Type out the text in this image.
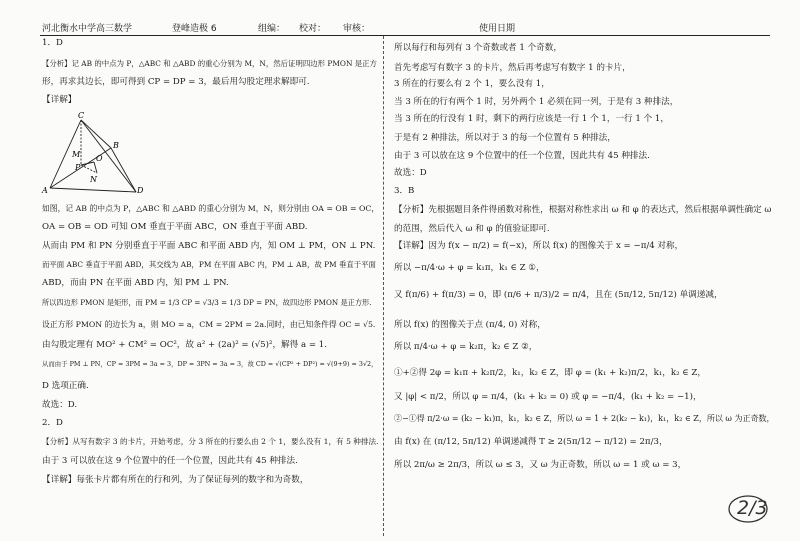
河北衡水中学高三数学	登峰造极 6	组编： 校对： 审核：	使用日期

1．D

【分析】记 AB 的中点为 P，△ABC 和 △ABD 的重心分别为 M，N，然后证明四边形 PMON 是正方

形，再求其边长，即可得到 CP = DP = 3，最后用勾股定理求解即可.

【详解】

如图，记 AB 的中点为 P，△ABC 和 △ABD 的重心分别为 M，N，则分别由 OA = OB = OC，

OA = OB = OD 可知 OM 垂直于平面 ABC，ON 垂直于平面 ABD.

从而由 PM 和 PN 分别垂直于平面 ABC 和平面 ABD 内，知 OM ⊥ PM，ON ⊥ PN.

而平面 ABC 垂直于平面 ABD，其交线为 AB，PM 在平面 ABC 内，PM ⊥ AB，故 PM 垂直于平面

ABD，而由 PN 在平面 ABD 内，知 PM ⊥ PN.

所以四边形 PMON 是矩形，而 PM = 1/3 CP = √3/3 = 1/3 DP = PN，故四边形 PMON 是正方形.

设正方形 PMON 的边长为 a，则 MO = a，CM = 2PM = 2a.同时，由已知条件得 OC = √5.

由勾股定理有 MO² + CM² = OC²，故 a² + (2a)² = (√5)²，解得 a = 1.

从而由于 PM ⊥ PN，CP = 3PM = 3a = 3，DP = 3PN = 3a = 3，故 CD = √(CP² + DP²) = √(9+9) = 3√2，

D 选项正确.

故选：D.

2．D

【分析】从写有数字 3 的卡片，开始考虑，分 3 所在的行要么由 2 个 1，要么没有 1，有 5 种排法.

由于 3 可以放在这 9 个位置中的任一个位置，因此共有 45 种排法.

【详解】每张卡片都有所在的行和列，为了保证每列的数字和为奇数，

C
B
M O
D
P
N
A

所以每行和每列有 3 个奇数或者 1 个奇数，

首先考虑写有数字 3 的卡片，然后再考虑写有数字 1 的卡片，

3 所在的行要么有 2 个 1，要么没有 1，

当 3 所在的行有两个 1 时，另外两个 1 必须在同一列，于是有 3 种排法，

当 3 所在的行没有 1 时，剩下的两行应该是一行 1 个 1，一行 1 个 1，

于是有 2 种排法，所以对于 3 的每一个位置有 5 种排法，

由于 3 可以放在这 9 个位置中的任一个位置，因此共有 45 种排法.

故选：D

3．B

【分析】先根据题目条件得函数对称性，根据对称性求出 ω 和 φ 的表达式，然后根据单调性确定 ω

的范围，然后代入 ω 和 φ 的值验证即可.

【详解】因为 f(x − π/2) = f(−x)，所以 f(x) 的图像关于 x = −π/4 对称，

所以 −π/4·ω + φ = k₁π，k₁ ∈ Z ①，

又 f(π/6) + f(π/3) = 0，即 (π/6 + π/3)/2 = π/4，且在 (5π/12, 5π/12) 单调递减，

所以 f(x) 的图像关于点 (π/4, 0) 对称，

所以 π/4·ω + φ = k₂π，k₂ ∈ Z ②，

①+②得 2φ = k₁π + k₂π/2，k₁，k₂ ∈ Z，即 φ = (k₁ + k₂)π/2，k₁，k₂ ∈ Z，

又 |φ| < π/2，所以 φ = π/4，(k₁ + k₂ = 0) 或 φ = −π/4，(k₁ + k₂ = −1)，

②−①得 π/2·ω = (k₂ − k₁)π，k₁，k₂ ∈ Z，所以 ω = 1 + 2(k₂ − k₁)，k₁，k₂ ∈ Z，所以 ω 为正奇数，

由 f(x) 在 (π/12, 5π/12) 单调递减得 T ≥ 2(5π/12 − π/12) = 2π/3，

所以 2π/ω ≥ 2π/3，所以 ω ≤ 3，又 ω 为正奇数，所以 ω = 1 或 ω = 3，

2/3
